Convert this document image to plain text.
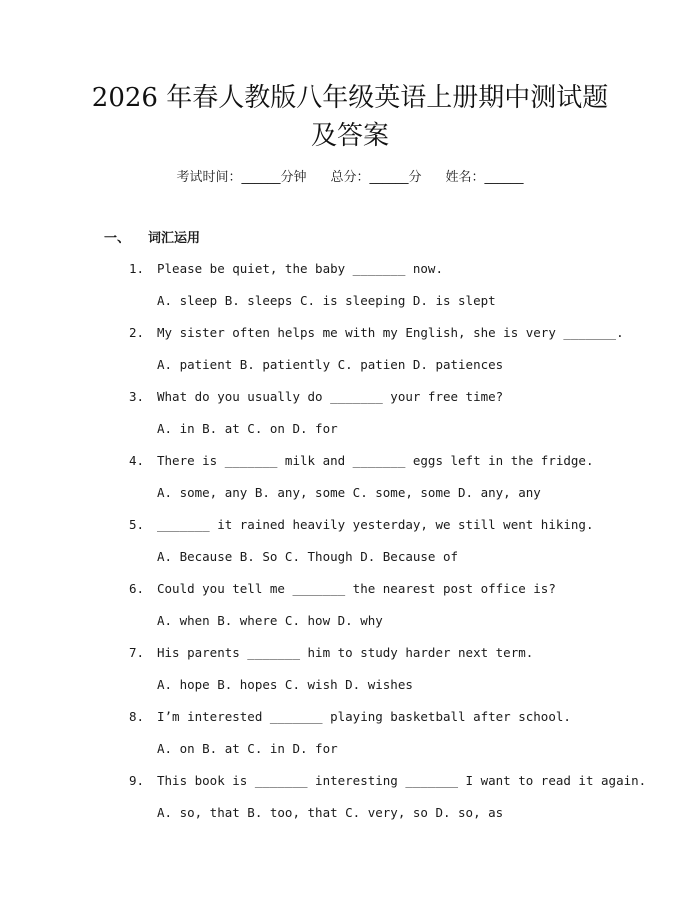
2026 年春人教版八年级英语上册期中测试题
及答案
考试时间：______分钟 总分：______分 姓名：______
一、 词汇运用
1. Please be quiet, the baby _______ now.
A. sleep B. sleeps C. is sleeping D. is slept
2. My sister often helps me with my English, she is very _______.
A. patient B. patiently C. patien D. patiences
3. What do you usually do _______ your free time?
A. in B. at C. on D. for
4. There is _______ milk and _______ eggs left in the fridge.
A. some, any B. any, some C. some, some D. any, any
5. _______ it rained heavily yesterday, we still went hiking.
A. Because B. So C. Though D. Because of
6. Could you tell me _______ the nearest post office is?
A. when B. where C. how D. why
7. His parents _______ him to study harder next term.
A. hope B. hopes C. wish D. wishes
8. I’m interested _______ playing basketball after school.
A. on B. at C. in D. for
9. This book is _______ interesting _______ I want to read it again.
A. so, that B. too, that C. very, so D. so, as
